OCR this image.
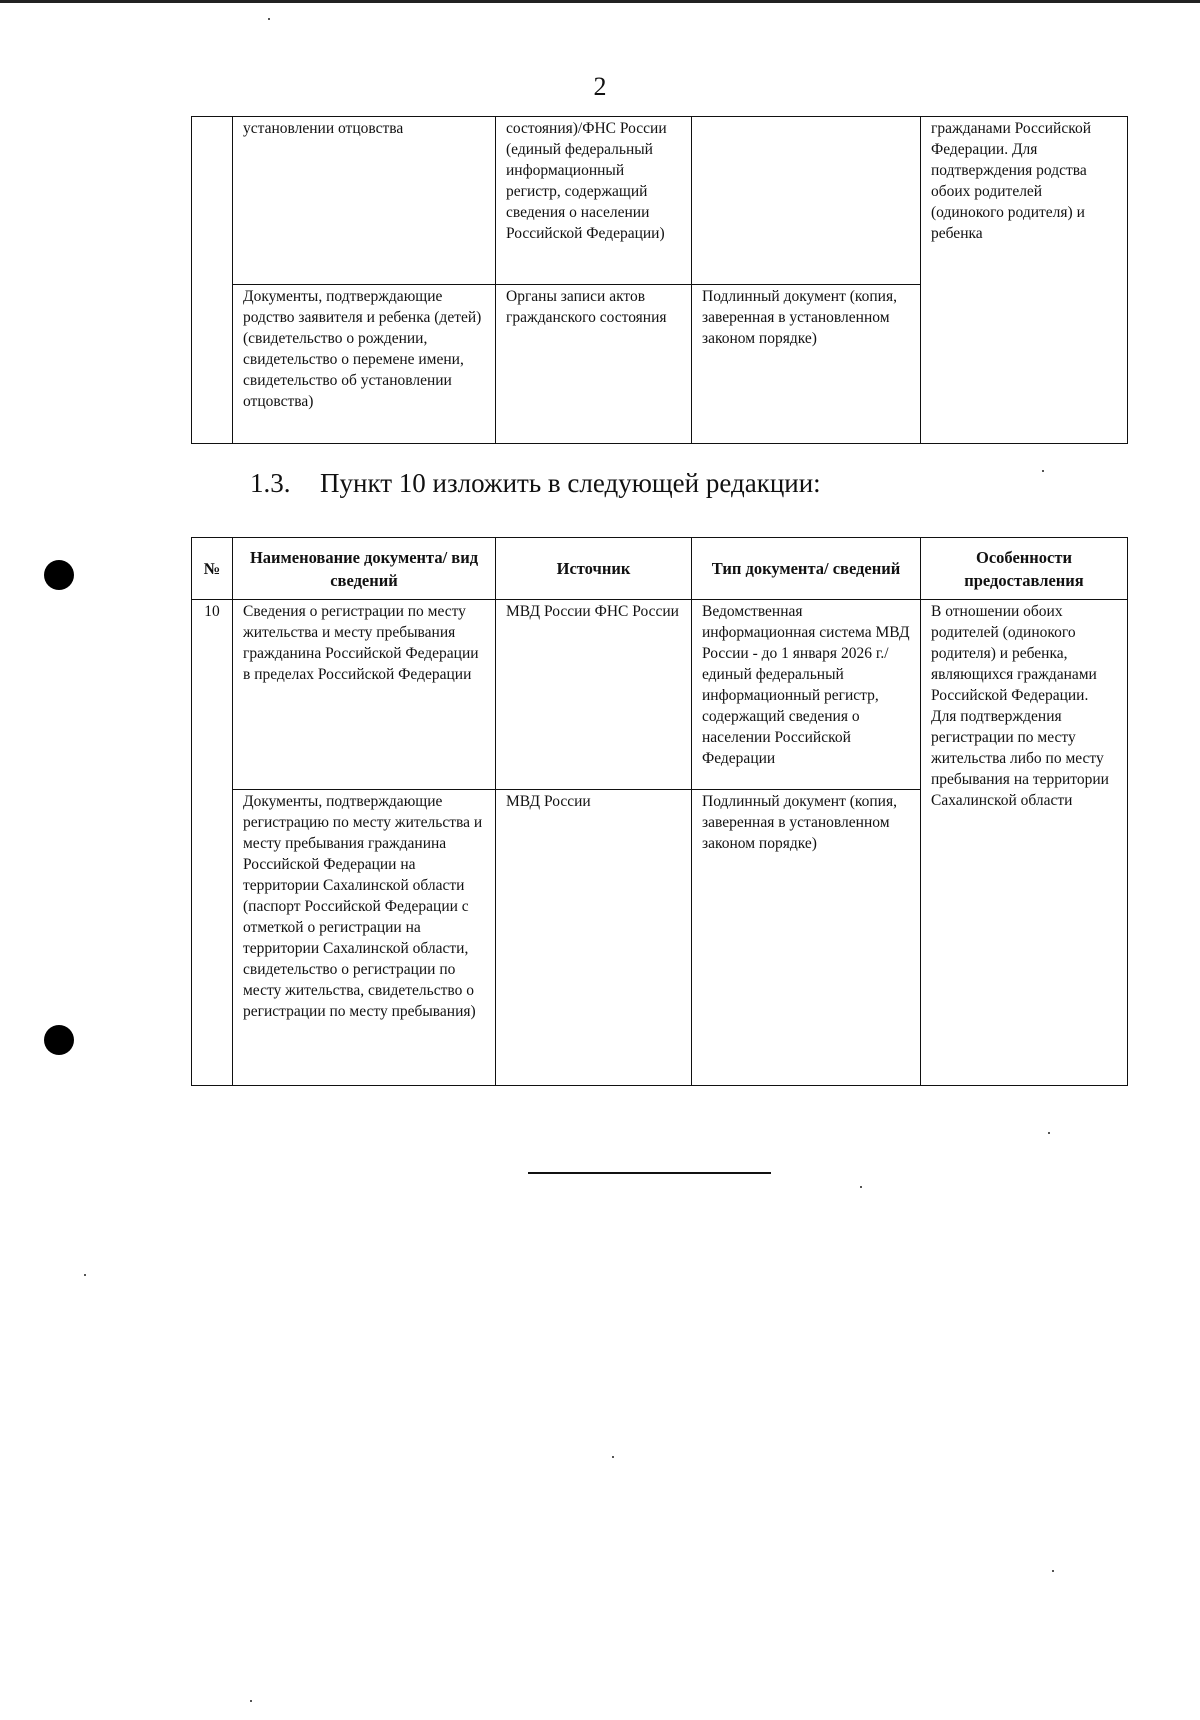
2
	установлении отцовства	состояния)/ФНС России (единый федеральный информационный регистр, содержащий сведения о населении Российской Федерации)		гражданами Российской Федерации. Для подтверждения родства обоих родителей (одинокого родителя) и ребенка
	Документы, подтверждающие родство заявителя и ребенка (детей) (свидетельство о рождении, свидетельство о перемене имени, свидетельство об установлении отцовства)	Органы записи актов гражданского состояния	Подлинный документ (копия, заверенная в установленном законом порядке)	
1.3. Пункт 10 изложить в следующей редакции:
№	Наименование документа/ вид сведений	Источник	Тип документа/ сведений	Особенности предоставления
10	Сведения о регистрации по месту жительства и месту пребывания гражданина Российской Федерации в пределах Российской Федерации	МВД России ФНС России	Ведомственная информационная система МВД России - до 1 января 2026 г./единый федеральный информационный регистр, содержащий сведения о населении Российской Федерации	В отношении обоих родителей (одинокого родителя) и ребенка, являющихся гражданами Российской Федерации. Для подтверждения регистрации по месту жительства либо по месту пребывания на территории Сахалинской области
	Документы, подтверждающие регистрацию по месту жительства и месту пребывания гражданина Российской Федерации на территории Сахалинской области (паспорт Российской Федерации с отметкой о регистрации на территории Сахалинской области, свидетельство о регистрации по месту жительства, свидетельство о регистрации по месту пребывания)	МВД России	Подлинный документ (копия, заверенная в установленном законом порядке)	
